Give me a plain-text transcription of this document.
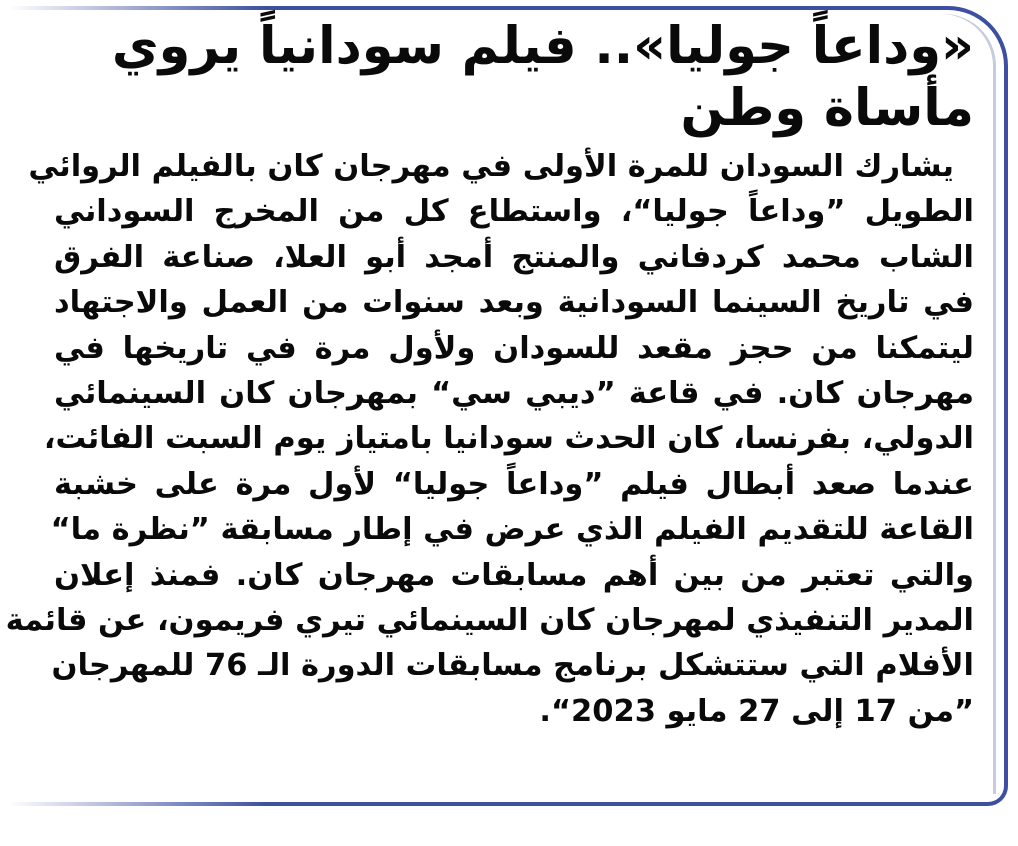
«وداعاً جوليا».. فيلم سودانياً يروي
مأساة وطن
يشارك السودان للمرة الأولى في مهرجان كان بالفيلم الروائي
الطويل ”وداعاً جوليا“، واستطاع كل من المخرج السوداني
الشاب محمد كردفاني والمنتج أمجد أبو العلا، صناعة الفرق
في تاريخ السينما السودانية وبعد سنوات من العمل والاجتهاد
ليتمكنا من حجز مقعد للسودان ولأول مرة في تاريخها في
مهرجان كان. في قاعة ”ديبي سي“ بمهرجان كان السينمائي
الدولي، بفرنسا، كان الحدث سودانيا بامتياز يوم السبت الفائت،
عندما صعد أبطال فيلم ”وداعاً جوليا“ لأول مرة على خشبة
القاعة للتقديم الفيلم الذي عرض في إطار مسابقة ”نظرة ما“
والتي تعتبر من بين أهم مسابقات مهرجان كان. فمنذ إعلان
المدير التنفيذي لمهرجان كان السينمائي تيري فريمون، عن قائمة
الأفلام التي ستتشكل برنامج مسابقات الدورة الـ 76 للمهرجان
”من 17 إلى 27 مايو 2023“.
